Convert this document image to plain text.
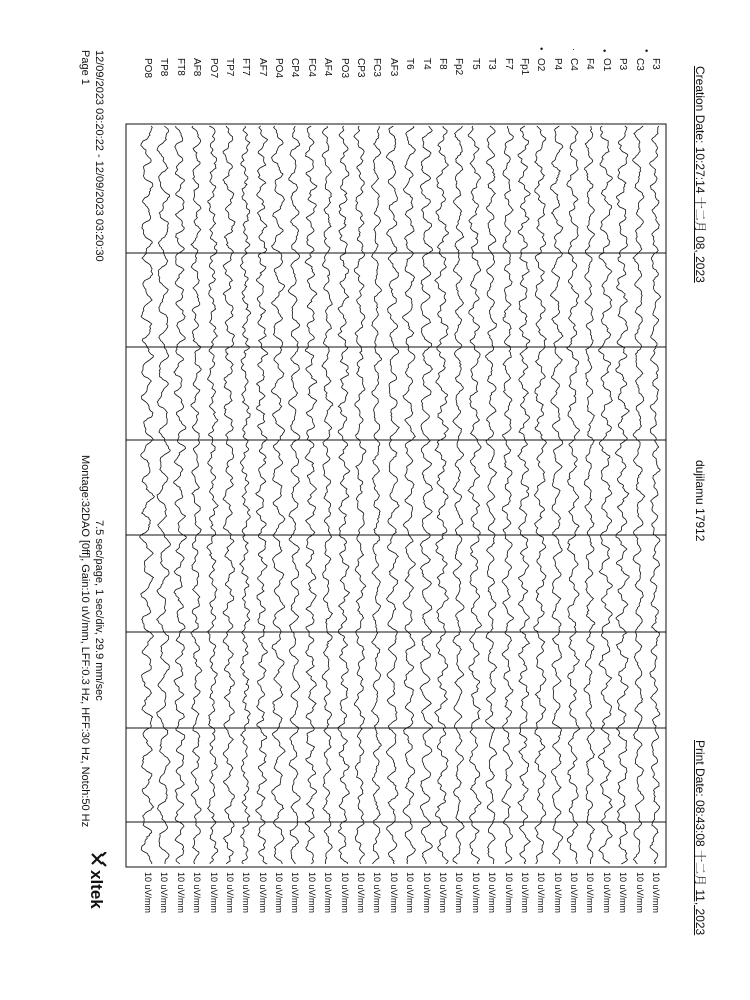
Creation Date: 10:27:14 十二月 08, 2023
dujilamu 17912
Print Date: 08:43:08 十二月 11, 2023
F3
C3
P3
O1
F4
C4
P4
O2
Fp1
F7
T3
T5
Fp2
F8
T4
T6
AF3
FC3
CP3
PO3
AF4
FC4
CP4
PO4
AF7
FT7
TP7
PO7
AF8
FT8
TP8
PO8
10 uV/mm
10 uV/mm
10 uV/mm
10 uV/mm
10 uV/mm
10 uV/mm
10 uV/mm
10 uV/mm
10 uV/mm
10 uV/mm
10 uV/mm
10 uV/mm
10 uV/mm
10 uV/mm
10 uV/mm
10 uV/mm
10 uV/mm
10 uV/mm
10 uV/mm
10 uV/mm
10 uV/mm
10 uV/mm
10 uV/mm
10 uV/mm
10 uV/mm
10 uV/mm
10 uV/mm
10 uV/mm
10 uV/mm
10 uV/mm
10 uV/mm
10 uV/mm
•
•
•	·
12/09/2023 03:20:22 - 12/09/2023 03:20:30
Page 1
7.5 sec/page, 1 sec/div, 29.9 mm/sec
Montage:32DAO [0ff], Gain:10 uV/mm, LFF:0.3 Hz, HFF:30 Hz, Notch:50 Hz
xltek
